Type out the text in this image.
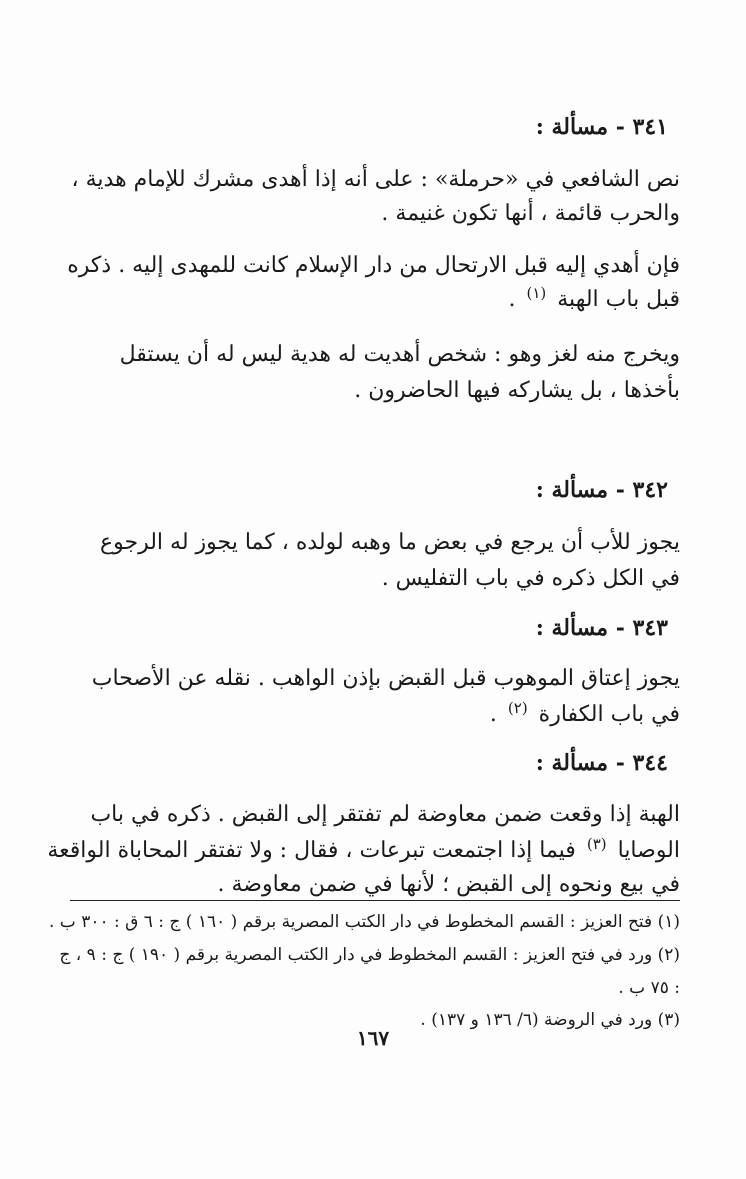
٣٤١ - مسألة :
نص الشافعي في «حرملة» : على أنه إذا أهدى مشرك للإمام هدية ،
والحرب قائمة ، أنها تكون غنيمة .
فإن أهدي إليه قبل الارتحال من دار الإسلام كانت للمهدى إليه . ذكره
قبل باب الهبة $^{(١)}$ .
ويخرج منه لغز وهو : شخص أهديت له هدية ليس له أن يستقل
بأخذها ، بل يشاركه فيها الحاضرون .
٣٤٢ - مسألة :
يجوز للأب أن يرجع في بعض ما وهبه لولده ، كما يجوز له الرجوع
في الكل ذكره في باب التفليس .
٣٤٣ - مسألة :
يجوز إعتاق الموهوب قبل القبض بإذن الواهب . نقله عن الأصحاب
في باب الكفارة $^{(٢)}$ .
٣٤٤ - مسألة :
الهبة إذا وقعت ضمن معاوضة لم تفتقر إلى القبض . ذكره في باب
الوصايا $^{(٣)}$ فيما إذا اجتمعت تبرعات ، فقال : ولا تفتقر المحاباة الواقعة
في بيع ونحوه إلى القبض ؛ لأنها في ضمن معاوضة .
(١) فتح العزيز : القسم المخطوط في دار الكتب المصرية برقم ( ١٦٠ ) ج : ٦ ق : ٣٠٠ ب .
(٢) ورد في فتح العزيز : القسم المخطوط في دار الكتب المصرية برقم ( ١٩٠ ) ج : ٩ ، ج
: ٧٥ ب .
(٣) ورد في الروضة (٦/ ١٣٦ و ١٣٧) .
١٦٧
